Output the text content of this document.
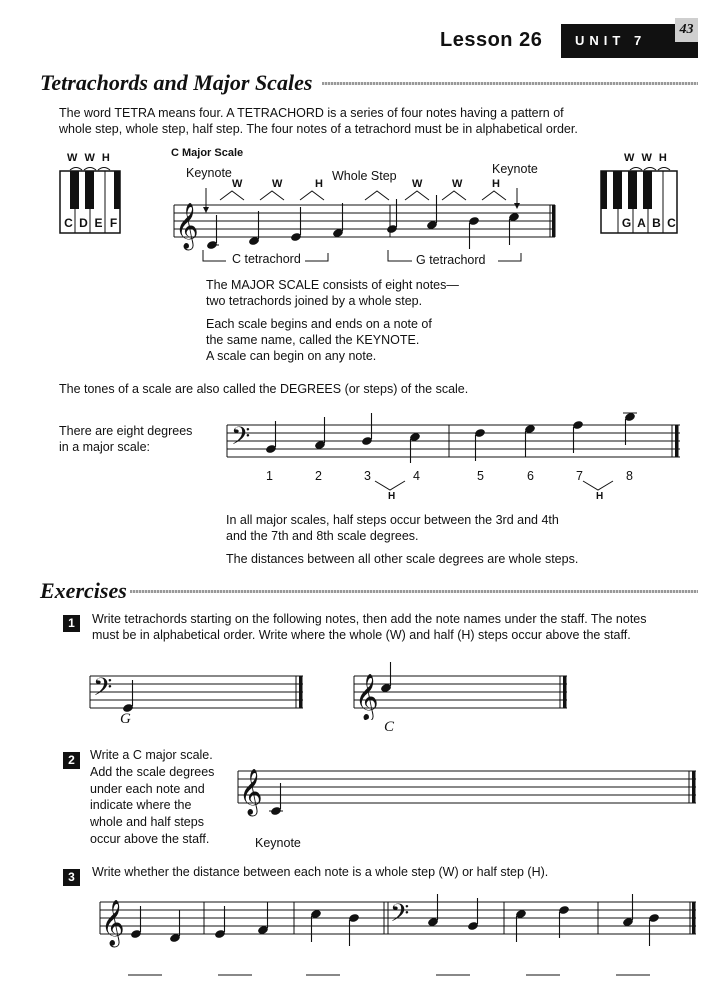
Lesson 26	UNIT 7
43
Tetrachords and Major Scales
The word TETRA means four. A TETRACHORD is a series of four notes having a pattern of
whole step, whole step, half step. The four notes of a tetrachord must be in alphabetical order.
W W H
C D E F
W W H
G A B C
C Major Scale
Keynote	Whole Step	Keynote
W	W	H	W	W	H
𝄞
C tetrachord	G tetrachord
The MAJOR SCALE consists of eight notes—
two tetrachords joined by a whole step.
Each scale begins and ends on a note of
the same name, called the KEYNOTE.
A scale can begin on any note.
The tones of a scale are also called the DEGREES (or steps) of the scale.
There are eight degrees
in a major scale:	𝄢
1	2	3	4	5	6	7	8
H	H
In all major scales, half steps occur between the 3rd and 4th
and the 7th and 8th scale degrees.
The distances between all other scale degrees are whole steps.
Exercises
1	Write tetrachords starting on the following notes, then add the note names under the staff. The notes
must be in alphabetical order. Write where the whole (W) and half (H) steps occur above the staff.
𝄢
G	𝄞
C
2	Write a C major scale.
Add the scale degrees
under each note and
indicate where the
whole and half steps
occur above the staff.
𝄞
Keynote
3	Write whether the distance between each note is a whole step (W) or half step (H).
𝄞	𝄢
